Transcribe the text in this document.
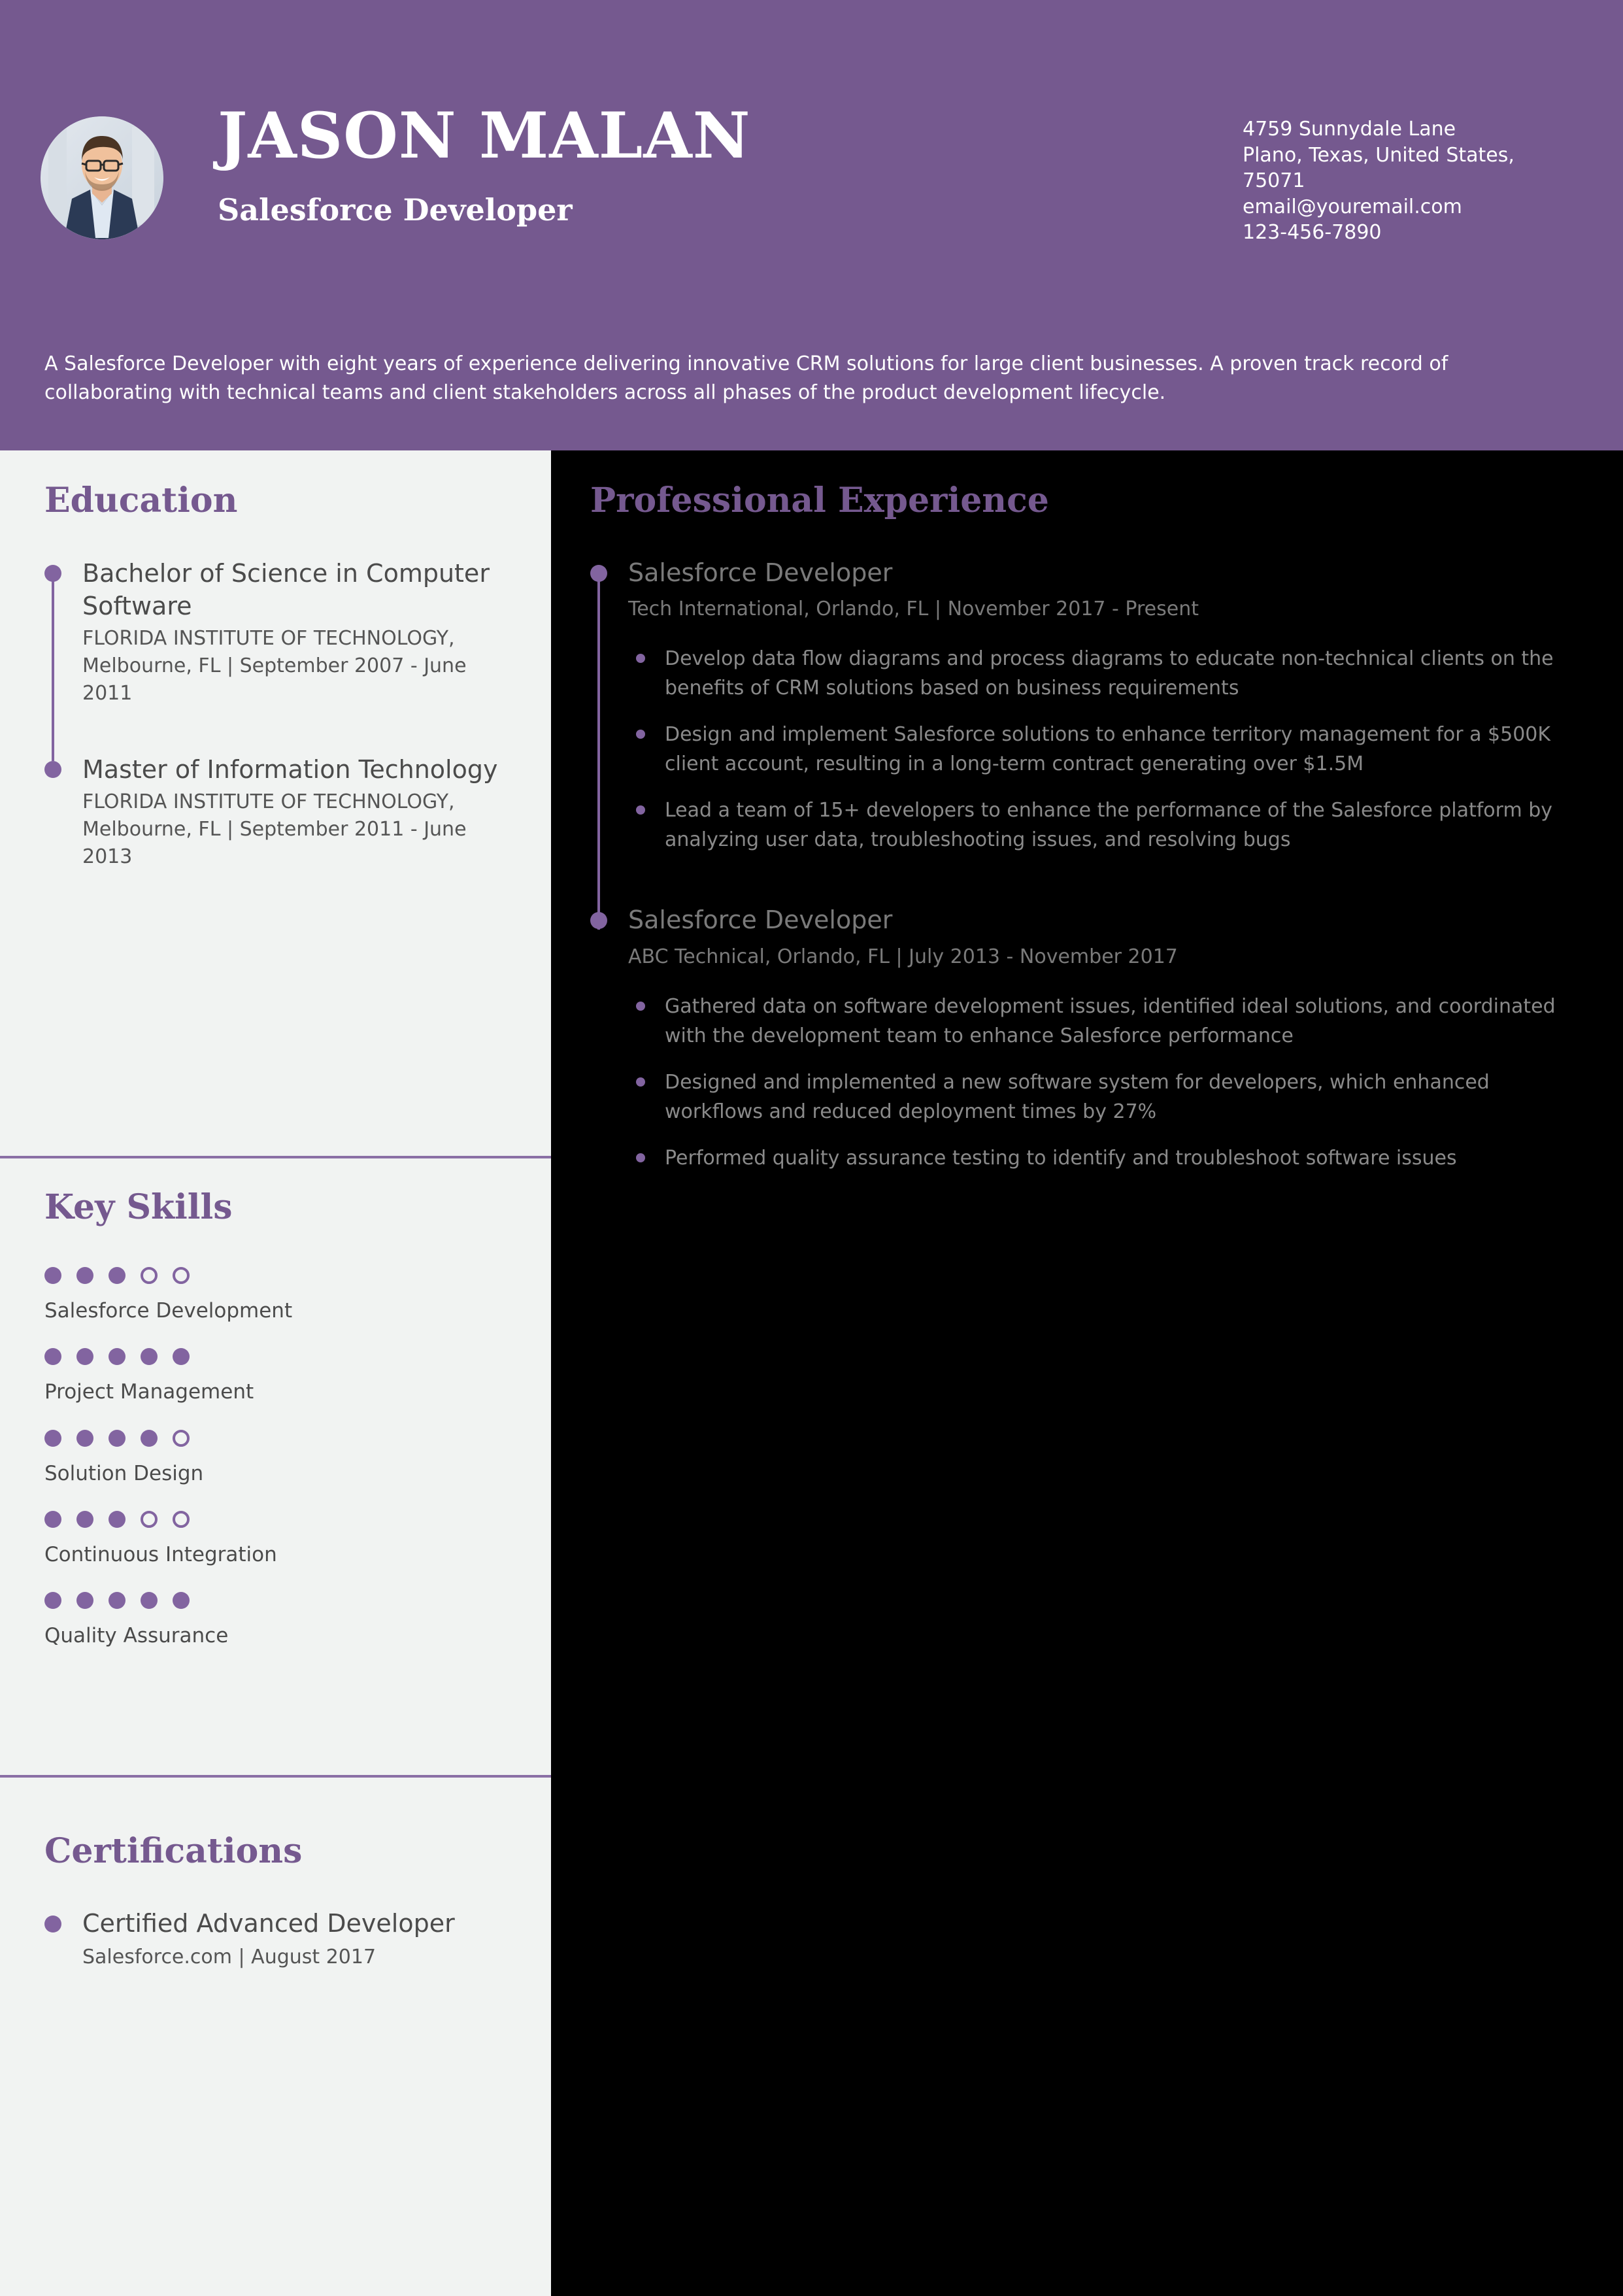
JASON MALAN
Salesforce Developer
4759 Sunnydale Lane
Plano, Texas, United States,
75071
email@youremail.com
123-456-7890
A Salesforce Developer with eight years of experience delivering innovative CRM solutions for large client businesses. A proven track record of collaborating with technical teams and client stakeholders across all phases of the product development lifecycle.
Education
Bachelor of Science in Computer Software
FLORIDA INSTITUTE OF TECHNOLOGY, Melbourne, FL | September 2007 - June 2011
Master of Information Technology
FLORIDA INSTITUTE OF TECHNOLOGY, Melbourne, FL | September 2011 - June 2013
Key Skills
Salesforce Development
Project Management
Solution Design
Continuous Integration
Quality Assurance
Certifications
Certified Advanced Developer
Salesforce.com | August 2017
Professional Experience
Salesforce Developer
Tech International, Orlando, FL | November 2017 - Present
Develop data flow diagrams and process diagrams to educate non-technical clients on the benefits of CRM solutions based on business requirements
Design and implement Salesforce solutions to enhance territory management for a $500K client account, resulting in a long-term contract generating over $1.5M
Lead a team of 15+ developers to enhance the performance of the Salesforce platform by analyzing user data, troubleshooting issues, and resolving bugs
Salesforce Developer
ABC Technical, Orlando, FL | July 2013 - November 2017
Gathered data on software development issues, identified ideal solutions, and coordinated with the development team to enhance Salesforce performance
Designed and implemented a new software system for developers, which enhanced workflows and reduced deployment times by 27%
Performed quality assurance testing to identify and troubleshoot software issues
